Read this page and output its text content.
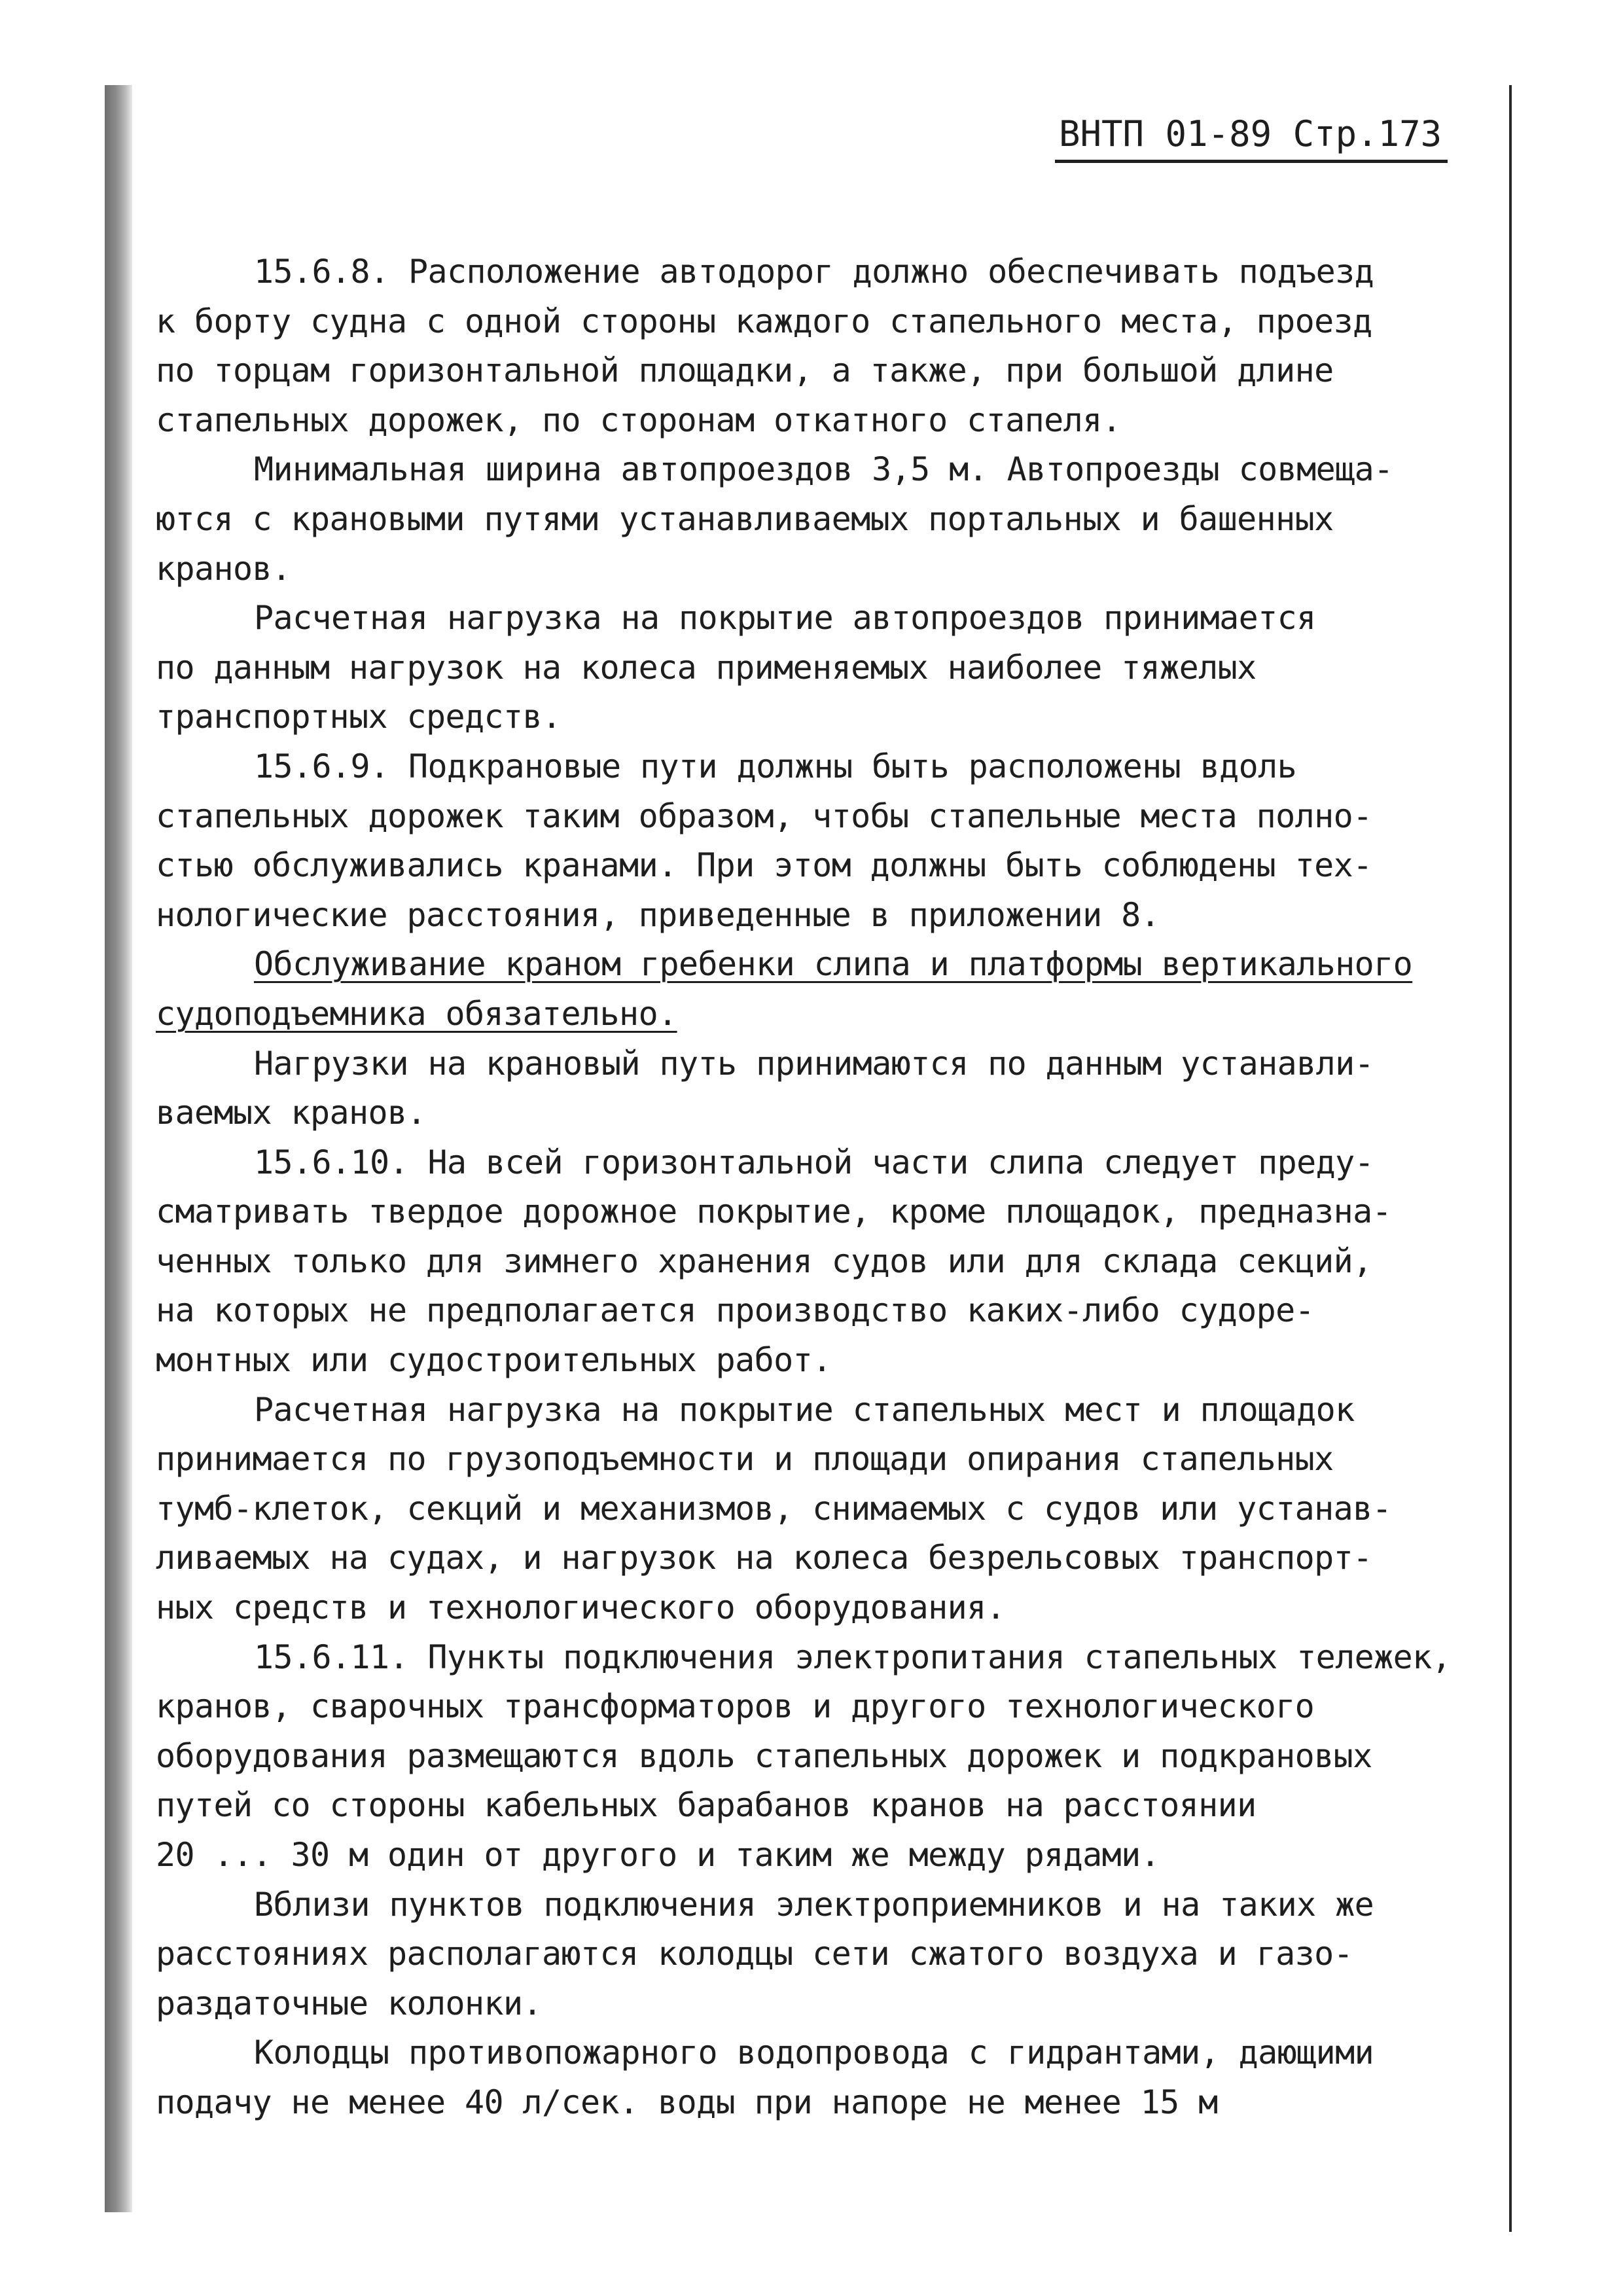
ВНТП 01-89 Стр.173
15.6.8. Расположение автодорог должно обеспечивать подъезд
к борту судна с одной стороны каждого стапельного места, проезд
по торцам горизонтальной площадки, а также, при большой длине
стапельных дорожек, по сторонам откатного стапеля.
Минимальная ширина автопроездов 3,5 м. Автопроезды совмеща-
ются с крановыми путями устанавливаемых портальных и башенных
кранов.
Расчетная нагрузка на покрытие автопроездов принимается
по данным нагрузок на колеса применяемых наиболее тяжелых
транспортных средств.
15.6.9. Подкрановые пути должны быть расположены вдоль
стапельных дорожек таким образом, чтобы стапельные места полно-
стью обслуживались кранами. При этом должны быть соблюдены тех-
нологические расстояния, приведенные в приложении 8.
Обслуживание краном гребенки слипа и платформы вертикального
судоподъемника обязательно.
Нагрузки на крановый путь принимаются по данным устанавли-
ваемых кранов.
15.6.10. На всей горизонтальной части слипа следует преду-
сматривать твердое дорожное покрытие, кроме площадок, предназна-
ченных только для зимнего хранения судов или для склада секций,
на которых не предполагается производство каких-либо судоре-
монтных или судостроительных работ.
Расчетная нагрузка на покрытие стапельных мест и площадок
принимается по грузоподъемности и площади опирания стапельных
тумб-клеток, секций и механизмов, снимаемых с судов или устанав-
ливаемых на судах, и нагрузок на колеса безрельсовых транспорт-
ных средств и технологического оборудования.
15.6.11. Пункты подключения электропитания стапельных тележек,
кранов, сварочных трансформаторов и другого технологического
оборудования размещаются вдоль стапельных дорожек и подкрановых
путей со стороны кабельных барабанов кранов на расстоянии
20 ... 30 м один от другого и таким же между рядами.
Вблизи пунктов подключения электроприемников и на таких же
расстояниях располагаются колодцы сети сжатого воздуха и газо-
раздаточные колонки.
Колодцы противопожарного водопровода с гидрантами, дающими
подачу не менее 40 л/сек. воды при напоре не менее 15 м
